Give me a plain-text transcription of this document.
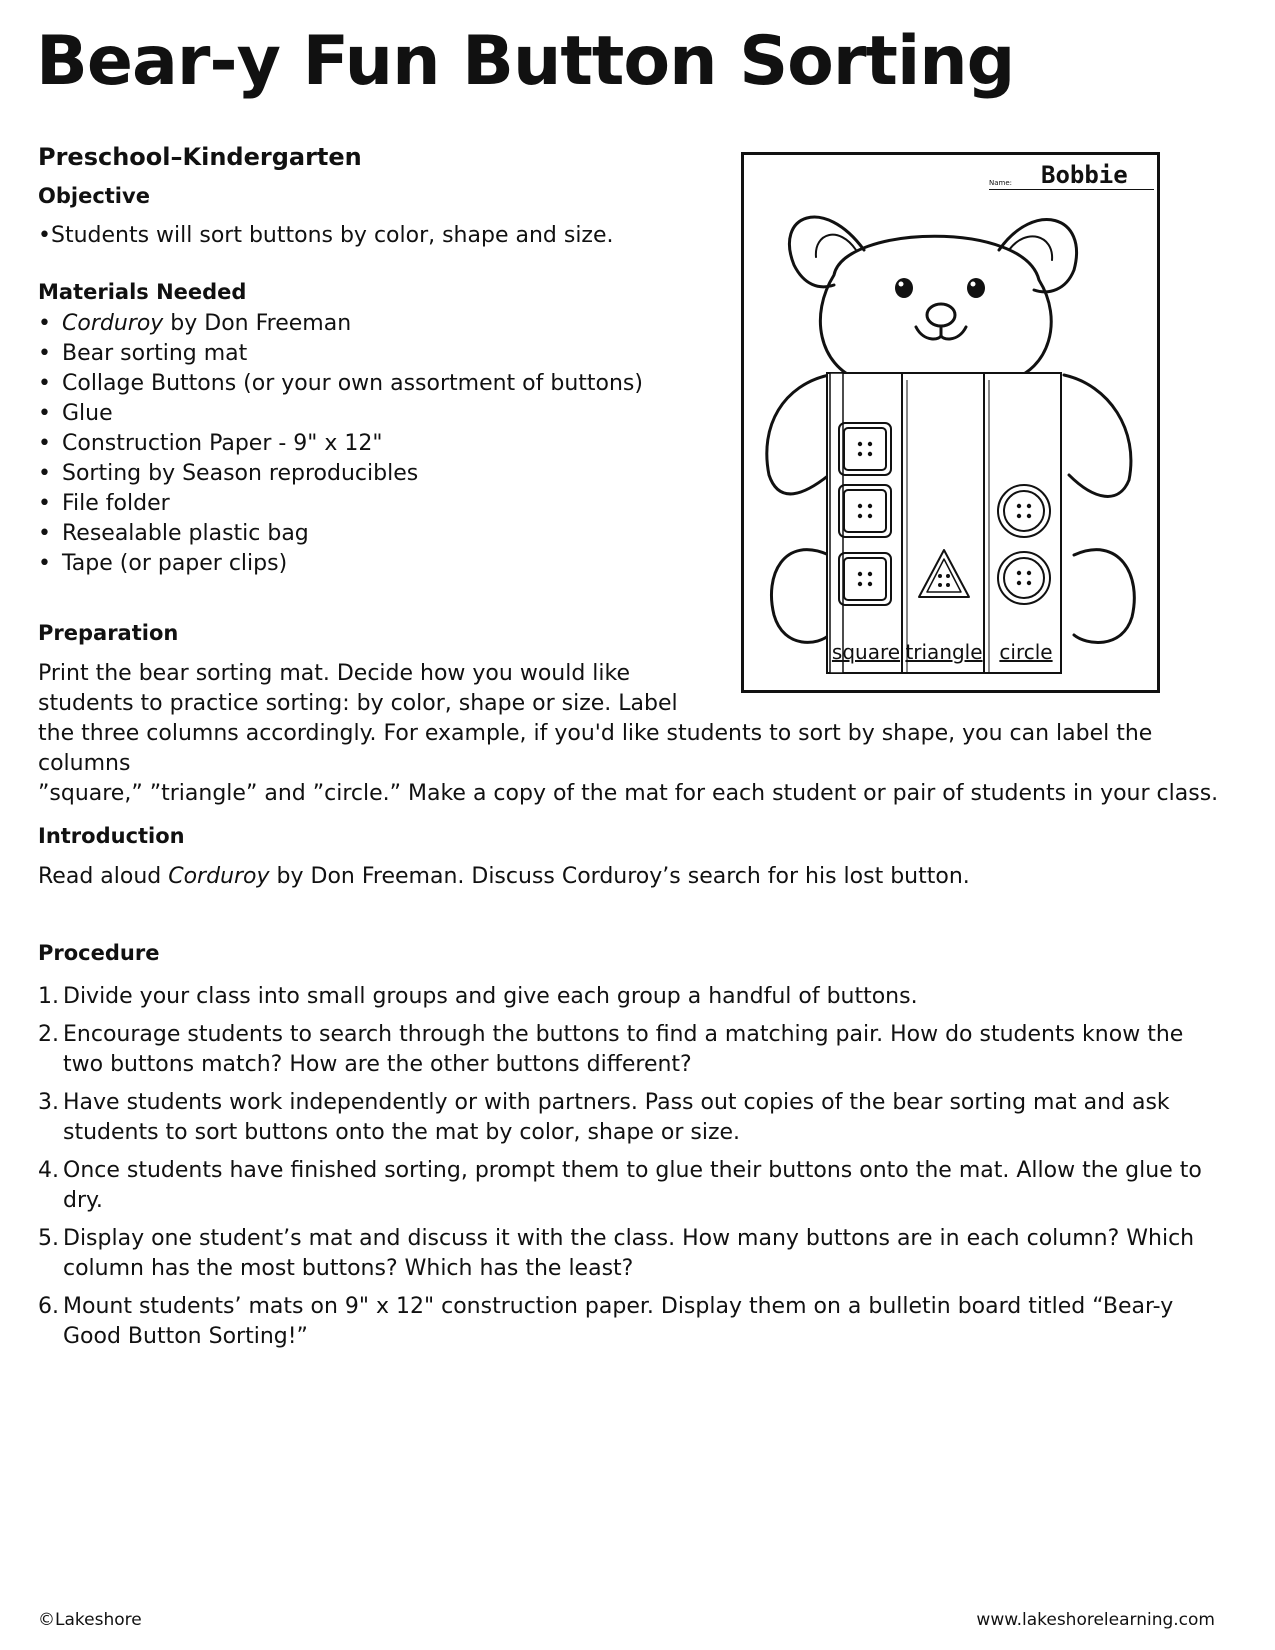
Bear-y Fun Button Sorting

Preschool–Kindergarten

Objective

•Students will sort buttons by color, shape and size.

Materials Needed

• Corduroy by Don Freeman
• Bear sorting mat
• Collage Buttons (or your own assortment of buttons)
• Glue
• Construction Paper - 9" x 12"
• Sorting by Season reproducibles
• File folder
• Resealable plastic bag
• Tape (or paper clips)

Preparation

Print the bear sorting mat. Decide how you would like
students to practice sorting: by color, shape or size. Label
the three columns accordingly. For example, if you'd like students to sort by shape, you can label the columns
”square,” ”triangle” and ”circle.” Make a copy of the mat for each student or pair of students in your class.

Introduction

Read aloud Corduroy by Don Freeman. Discuss Corduroy’s search for his lost button.

Procedure

1. Divide your class into small groups and give each group a handful of buttons.
2. Encourage students to search through the buttons to find a matching pair. How do students know the two buttons match? How are the other buttons different?
3. Have students work independently or with partners. Pass out copies of the bear sorting mat and ask students to sort buttons onto the mat by color, shape or size.
4. Once students have finished sorting, prompt them to glue their buttons onto the mat. Allow the glue to dry.
5. Display one student’s mat and discuss it with the class. How many buttons are in each column? Which column has the most buttons? Which has the least?
6. Mount students’ mats on 9" x 12" construction paper. Display them on a bulletin board titled “Bear-y Good Button Sorting!”
Name: Bobbie
square triangle circle
©Lakeshore	www.lakeshorelearning.com
